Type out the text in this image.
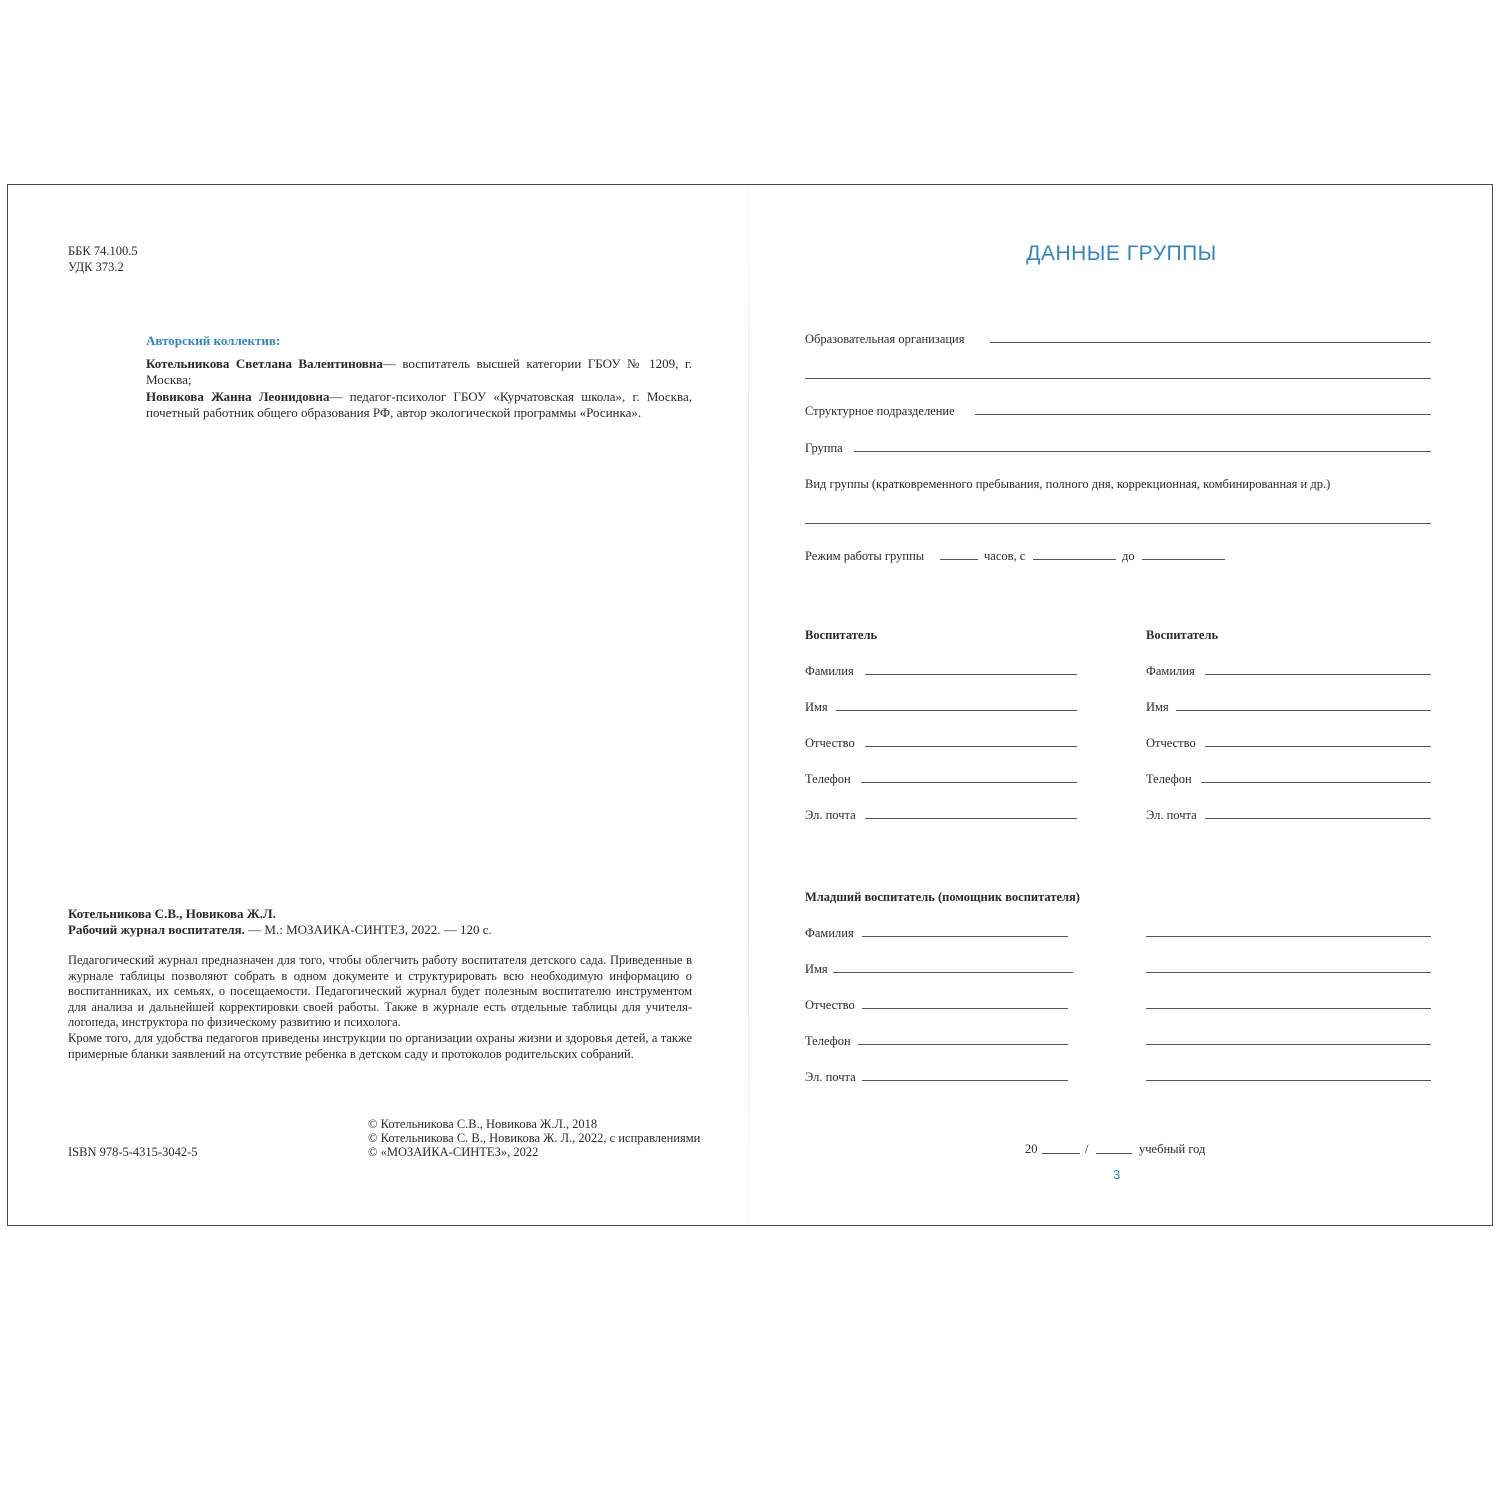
ББК 74.100.5
УДК 373.2
Авторский коллектив:
Котельникова Светлана Валентиновна— воспитатель высшей категории ГБОУ № 1209, г. Москва;
Новикова Жанна Леонидовна— педагог-психолог ГБОУ «Курчатовская школа», г. Москва, почетный работник общего образования РФ, автор экологической программы «Росинка».
Котельникова С.В., Новикова Ж.Л.
Рабочий журнал воспитателя. — М.: МОЗАИКА-СИНТЕЗ, 2022. — 120 с.
Педагогический журнал предназначен для того, чтобы облегчить работу воспитателя детского сада. Приведенные в журнале таблицы позволяют собрать в одном документе и структурировать всю необходимую информацию о воспитанниках, их семьях, о посещаемости. Педагогический журнал будет полезным воспитателю инструментом для анализа и дальнейшей корректировки своей работы. Также в журнале есть отдельные таблицы для учителя-логопеда, инструктора по физическому развитию и психолога.
Кроме того, для удобства педагогов приведены инструкции по организации охраны жизни и здоровья детей, а также примерные бланки заявлений на отсутствие ребенка в детском саду и протоколов родительских собраний.
ISBN 978-5-4315-3042-5
© Котельникова С.В., Новикова Ж.Л., 2018
© Котельникова С. В., Новикова Ж. Л., 2022, с исправлениями
© «МОЗАИКА-СИНТЕЗ», 2022
ДАННЫЕ ГРУППЫ
Образовательная организация
Структурное подразделение
Группа
Вид группы (кратковременного пребывания, полного дня, коррекционная, комбинированная и др.)
Режим работы группы	часов, с	до
Воспитатель
Фамилия
Имя
Отчество
Телефон
Эл. почта
Воспитатель
Фамилия
Имя
Отчество
Телефон
Эл. почта
Младший воспитатель (помощник воспитателя)
Фамилия
Имя
Отчество
Телефон
Эл. почта
20	/	учебный год
3
